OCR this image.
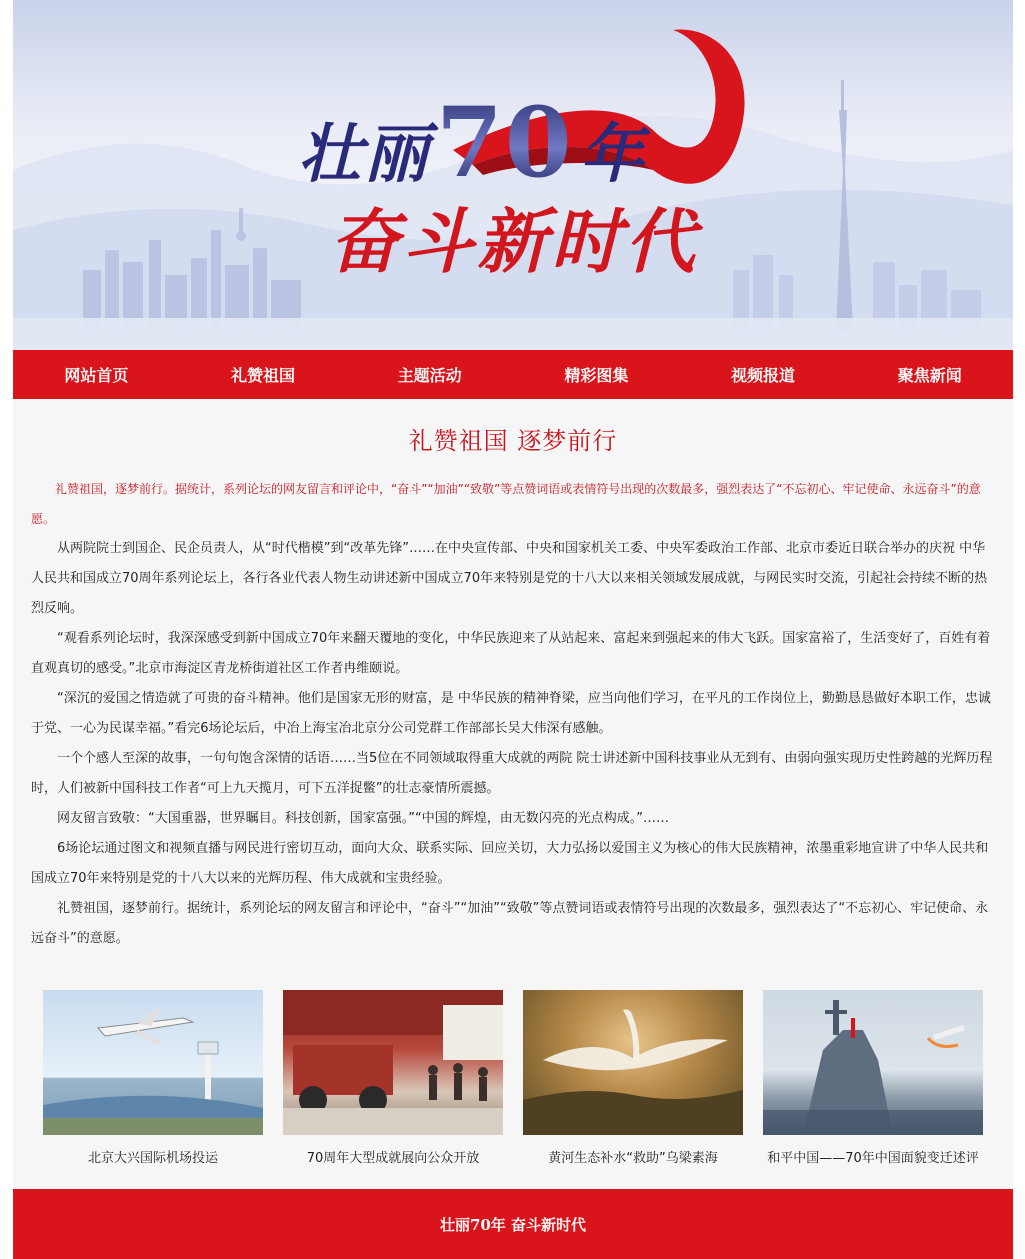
壮丽70年
奋斗新时代
网站首页	礼赞祖国	主题活动	精彩图集	视频报道	聚焦新闻
礼赞祖国 逐梦前行

礼赞祖国，逐梦前行。据统计，系列论坛的网友留言和评论中，“奋斗”“加油”“致敬”等点赞词语或表情符号出现的次数最多，强烈表达了“不忘初心、牢记使命、永远奋斗”的意愿。

从两院院士到国企、民企员责人，从“时代楷模”到“改革先锋”……在中央宣传部、中央和国家机关工委、中央军委政治工作部、北京市委近日联合举办的庆祝 中华人民共和国成立70周年系列论坛上，各行各业代表人物生动讲述新中国成立70年来特别是党的十八大以来相关领域发展成就，与网民实时交流，引起社会持续不断的热烈反响。

“观看系列论坛时，我深深感受到新中国成立70年来翻天覆地的变化，中华民族迎来了从站起来、富起来到强起来的伟大飞跃。国家富裕了，生活变好了，百姓有着直观真切的感受。”北京市海淀区青龙桥街道社区工作者冉维颐说。

“深沉的爱国之情造就了可贵的奋斗精神。他们是国家无形的财富，是 中华民族的精神脊梁，应当向他们学习，在平凡的工作岗位上，勤勤恳恳做好本职工作，忠诚于党、一心为民谋幸福。”看完6场论坛后，中冶上海宝冶北京分公司党群工作部部长吴大伟深有感触。

一个个感人至深的故事，一句句饱含深情的话语……当5位在不同领域取得重大成就的两院 院士讲述新中国科技事业从无到有、由弱向强实现历史性跨越的光辉历程时，人们被新中国科技工作者“可上九天揽月，可下五洋捉鳖”的壮志豪情所震撼。

网友留言致敬：“大国重器，世界瞩目。科技创新，国家富强。”“中国的辉煌，由无数闪亮的光点构成。”……

6场论坛通过图文和视频直播与网民进行密切互动，面向大众、联系实际、回应关切，大力弘扬以爱国主义为核心的伟大民族精神，浓墨重彩地宣讲了中华人民共和国成立70年来特别是党的十八大以来的光辉历程、伟大成就和宝贵经验。

礼赞祖国，逐梦前行。据统计，系列论坛的网友留言和评论中，“奋斗”“加油”“致敬”等点赞词语或表情符号出现的次数最多，强烈表达了“不忘初心、牢记使命、永远奋斗”的意愿。

北京大兴国际机场投运	70周年大型成就展向公众开放	黄河生态补水“救助”乌梁素海	和平中国——70年中国面貌变迁述评
壮丽70年 奋斗新时代
